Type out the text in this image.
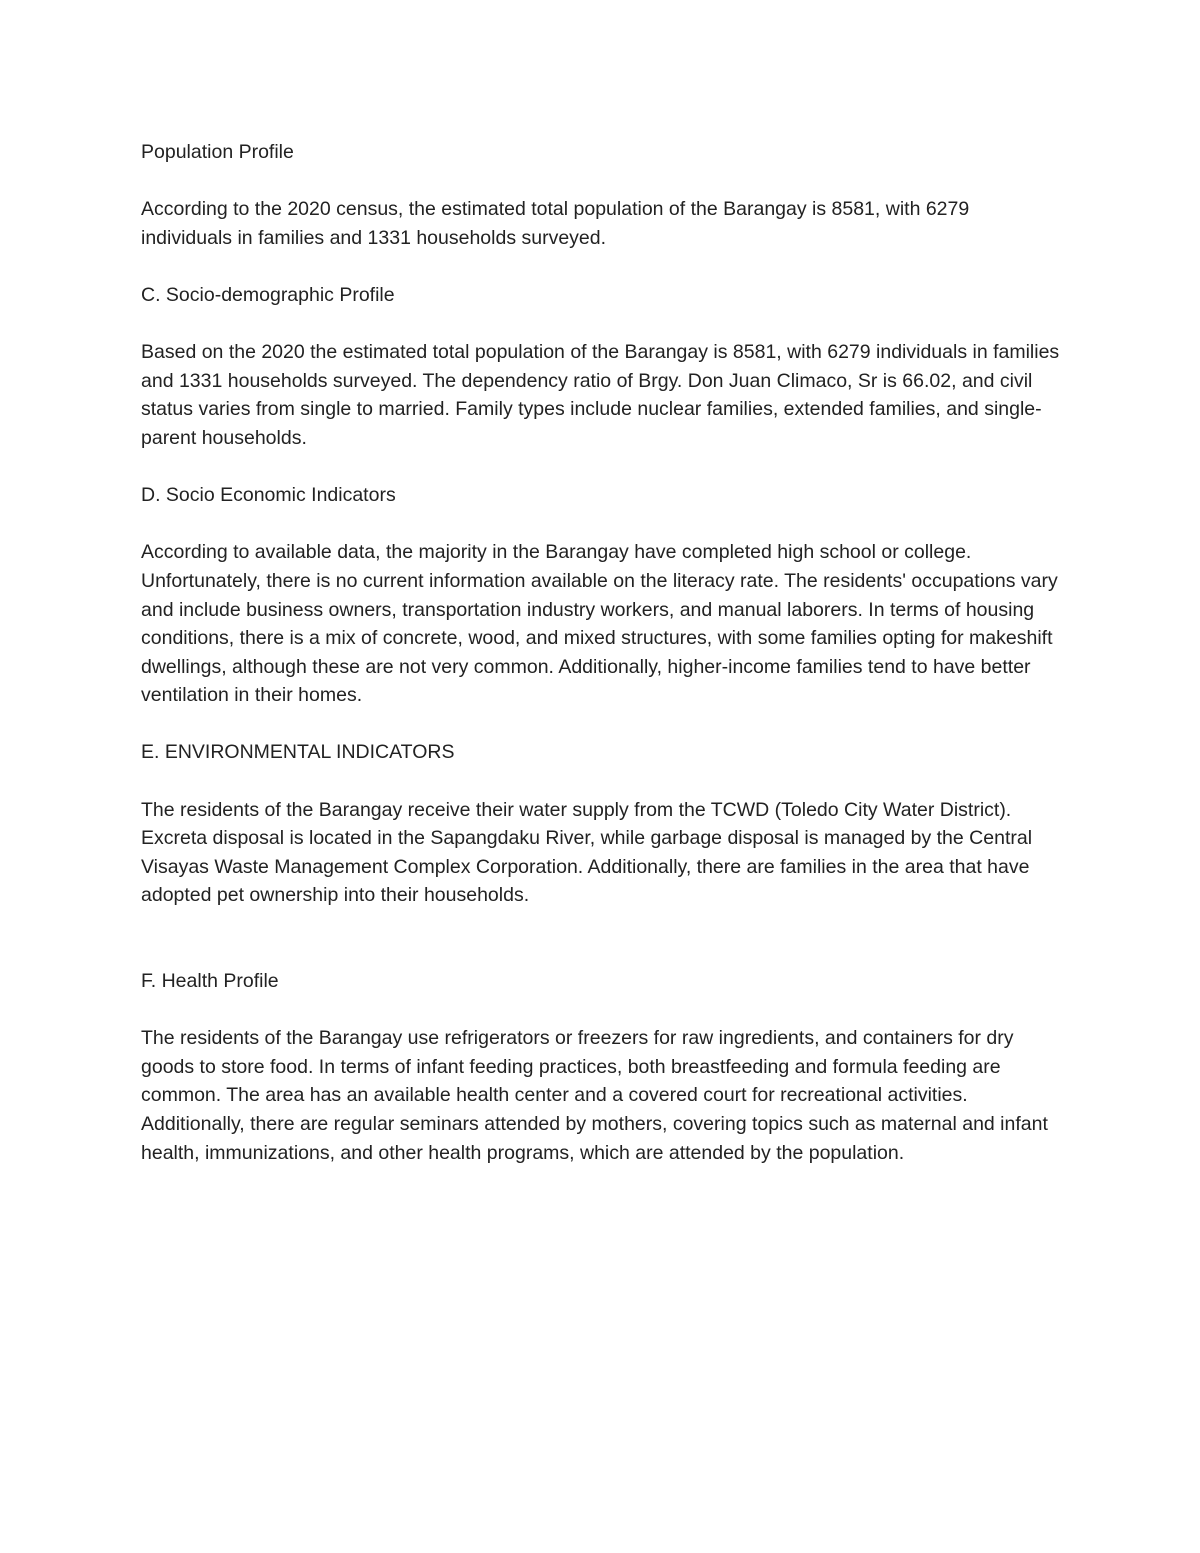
Population Profile

According to the 2020 census, the estimated total population of the Barangay is 8581, with 6279 individuals in families and 1331 households surveyed.

C. Socio-demographic Profile

Based on the 2020 the estimated total population of the Barangay is 8581, with 6279 individuals in families and 1331 households surveyed. The dependency ratio of Brgy. Don Juan Climaco, Sr is 66.02, and civil status varies from single to married. Family types include nuclear families, extended families, and single-parent households.

D. Socio Economic Indicators

According to available data, the majority in the Barangay have completed high school or college. Unfortunately, there is no current information available on the literacy rate. The residents' occupations vary and include business owners, transportation industry workers, and manual laborers. In terms of housing conditions, there is a mix of concrete, wood, and mixed structures, with some families opting for makeshift dwellings, although these are not very common. Additionally, higher-income families tend to have better ventilation in their homes.

E. ENVIRONMENTAL INDICATORS

The residents of the Barangay receive their water supply from the TCWD (Toledo City Water District). Excreta disposal is located in the Sapangdaku River, while garbage disposal is managed by the Central Visayas Waste Management Complex Corporation. Additionally, there are families in the area that have adopted pet ownership into their households.

F. Health Profile

The residents of the Barangay use refrigerators or freezers for raw ingredients, and containers for dry goods to store food. In terms of infant feeding practices, both breastfeeding and formula feeding are common. The area has an available health center and a covered court for recreational activities. Additionally, there are regular seminars attended by mothers, covering topics such as maternal and infant health, immunizations, and other health programs, which are attended by the population.
